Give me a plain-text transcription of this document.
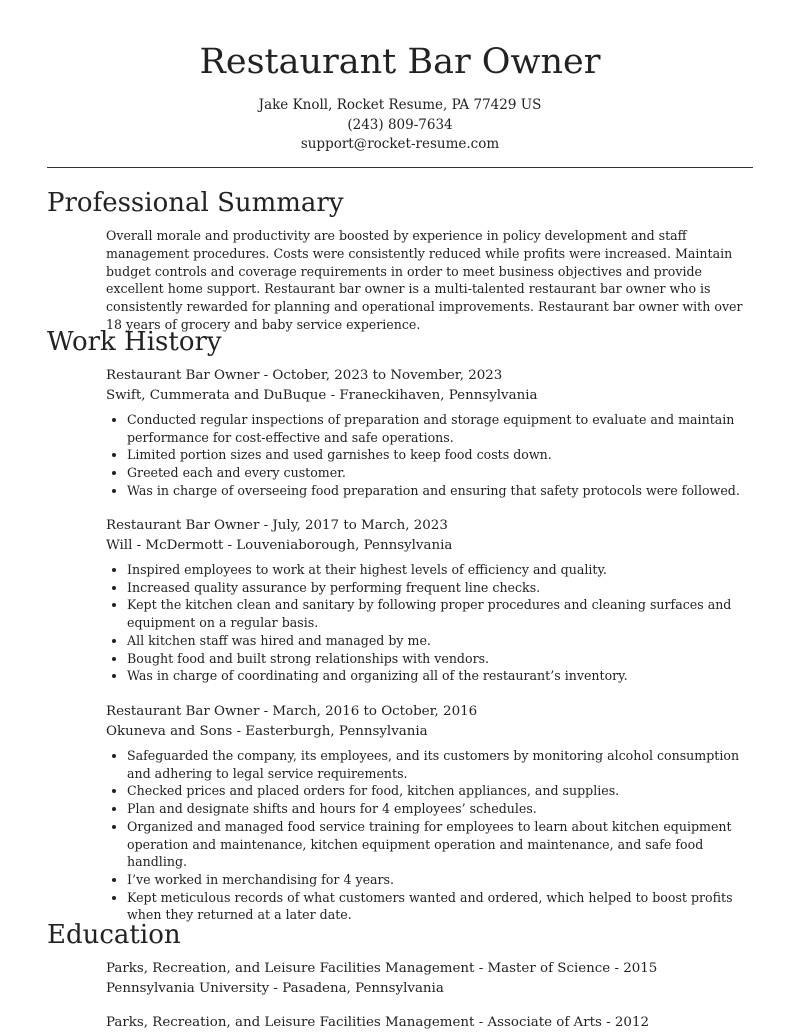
Restaurant Bar Owner
Jake Knoll, Rocket Resume, PA 77429 US
(243) 809-7634
support@rocket-resume.com
Professional Summary

Overall morale and productivity are boosted by experience in policy development and staff management procedures. Costs were consistently reduced while profits were increased. Maintain budget controls and coverage requirements in order to meet business objectives and provide excellent home support. Restaurant bar owner is a multi-talented restaurant bar owner who is consistently rewarded for planning and operational improvements. Restaurant bar owner with over 18 years of grocery and baby service experience.

Work History

Restaurant Bar Owner - October, 2023 to November, 2023

Swift, Cummerata and DuBuque - Franeckihaven, Pennsylvania

• Conducted regular inspections of preparation and storage equipment to evaluate and maintain performance for cost-effective and safe operations.
• Limited portion sizes and used garnishes to keep food costs down.
• Greeted each and every customer.
• Was in charge of overseeing food preparation and ensuring that safety protocols were followed.

Restaurant Bar Owner - July, 2017 to March, 2023

Will - McDermott - Louveniaborough, Pennsylvania

• Inspired employees to work at their highest levels of efficiency and quality.
• Increased quality assurance by performing frequent line checks.
• Kept the kitchen clean and sanitary by following proper procedures and cleaning surfaces and equipment on a regular basis.
• All kitchen staff was hired and managed by me.
• Bought food and built strong relationships with vendors.
• Was in charge of coordinating and organizing all of the restaurant’s inventory.

Restaurant Bar Owner - March, 2016 to October, 2016

Okuneva and Sons - Easterburgh, Pennsylvania

• Safeguarded the company, its employees, and its customers by monitoring alcohol consumption and adhering to legal service requirements.
• Checked prices and placed orders for food, kitchen appliances, and supplies.
• Plan and designate shifts and hours for 4 employees’ schedules.
• Organized and managed food service training for employees to learn about kitchen equipment operation and maintenance, kitchen equipment operation and maintenance, and safe food handling.
• I’ve worked in merchandising for 4 years.
• Kept meticulous records of what customers wanted and ordered, which helped to boost profits when they returned at a later date.
Education

Parks, Recreation, and Leisure Facilities Management - Master of Science - 2015

Pennsylvania University - Pasadena, Pennsylvania

Parks, Recreation, and Leisure Facilities Management - Associate of Arts - 2012
